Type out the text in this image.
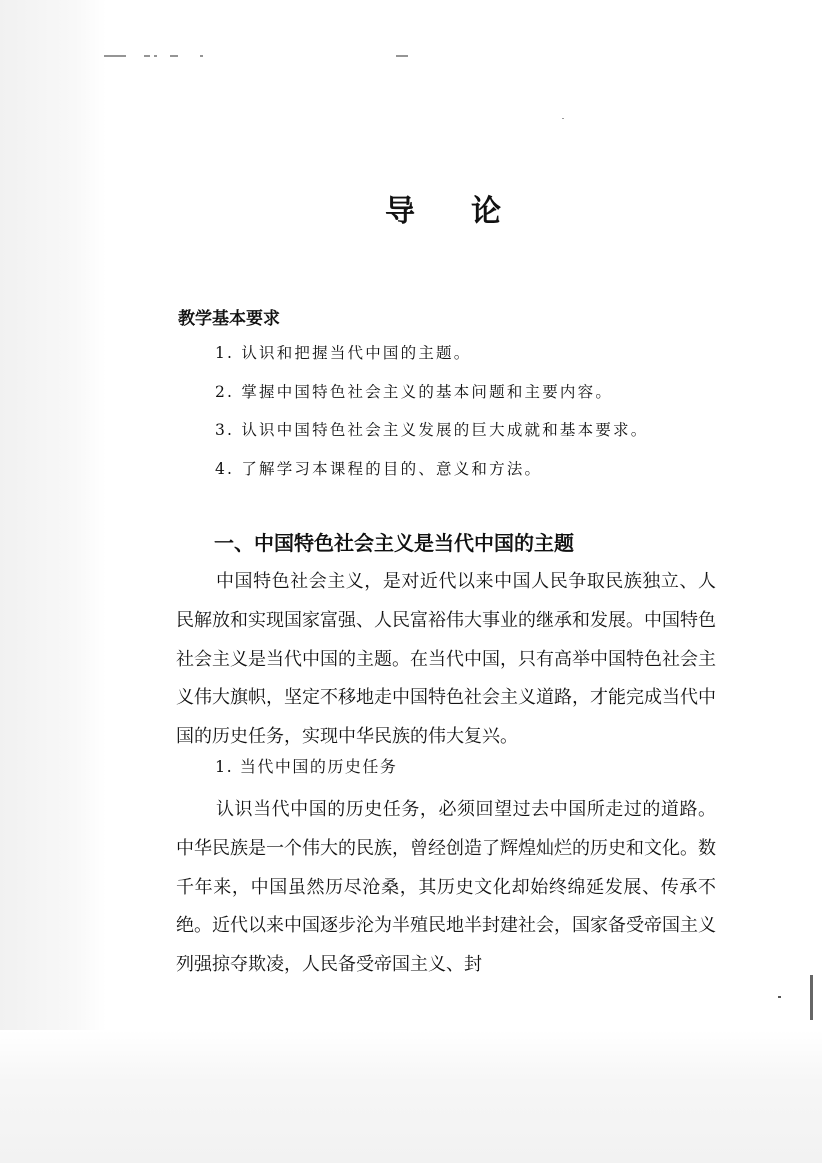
导 论
教学基本要求
1. 认识和把握当代中国的主题。
2. 掌握中国特色社会主义的基本问题和主要内容。
3. 认识中国特色社会主义发展的巨大成就和基本要求。
4. 了解学习本课程的目的、意义和方法。
一、中国特色社会主义是当代中国的主题

中国特色社会主义，是对近代以来中国人民争取民族独立、人民解放和实现国家富强、人民富裕伟大事业的继承和发展。中国特色社会主义是当代中国的主题。在当代中国，只有高举中国特色社会主义伟大旗帜，坚定不移地走中国特色社会主义道路，才能完成当代中国的历史任务，实现中华民族的伟大复兴。

1. 当代中国的历史任务

认识当代中国的历史任务，必须回望过去中国所走过的道路。中华民族是一个伟大的民族，曾经创造了辉煌灿烂的历史和文化。数千年来，中国虽然历尽沧桑，其历史文化却始终绵延发展、传承不绝。近代以来中国逐步沦为半殖民地半封建社会，国家备受帝国主义列强掠夺欺凌，人民备受帝国主义、封
